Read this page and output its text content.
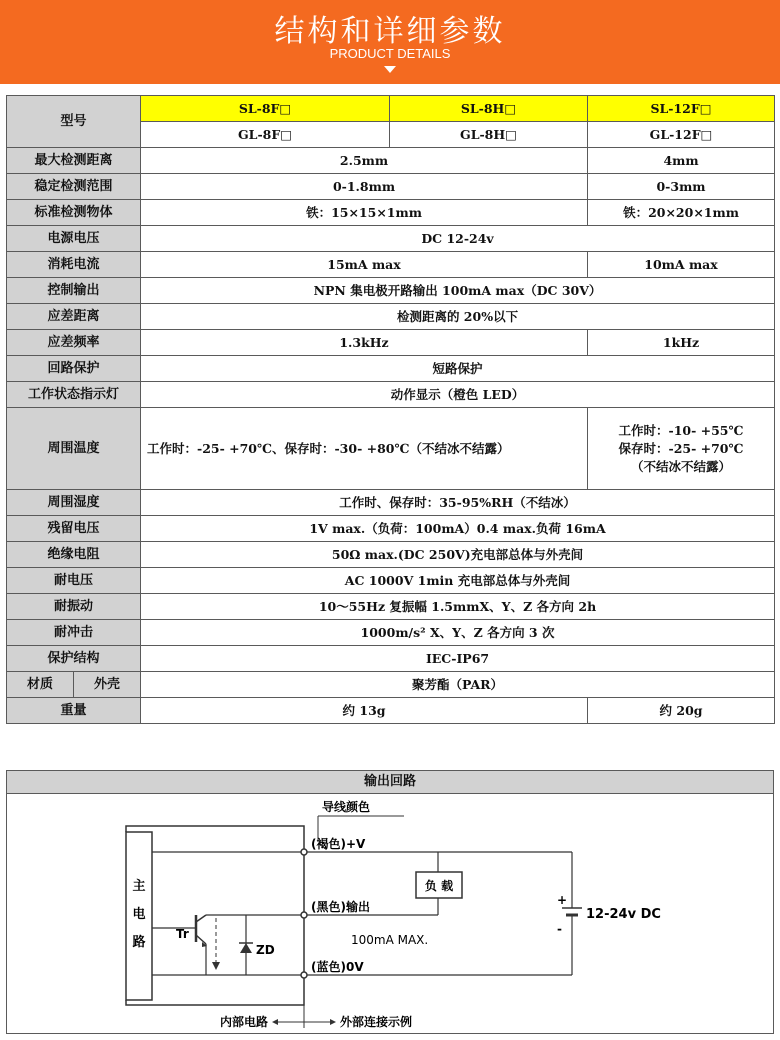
结构和详细参数
PRODUCT DETAILS
型号		SL-8F□	SL-8H□	SL-12F□
		GL-8F□	GL-8H□	GL-12F□
最大检测距离		2.5mm		4mm
稳定检测范围		0-1.8mm		0-3mm
标准检测物体		铁：15×15×1mm		铁：20×20×1mm
电源电压		DC 12-24v		
消耗电流		15mA max		10mA max
控制输出		NPN 集电极开路输出 100mA max（DC 30V）		
应差距离		检测距离的 20%以下		
应差频率		1.3kHz		1kHz
回路保护		短路保护		
工作状态指示灯		动作显示（橙色 LED）		
周围温度		工作时：-25- +70℃、保存时：-30- +80℃（不结冰不结露）		工作时：-10- +55℃
保存时：-25- +70℃
（不结冰不结露）

周围湿度		工作时、保存时：35-95%RH（不结冰）		
残留电压		1V max.（负荷：100mA）0.4 max.负荷 16mA		
绝缘电阻		50Ω max.(DC 250V)充电部总体与外壳间		
耐电压		AC 1000V 1min 充电部总体与外壳间		
耐振动		10～55Hz 复振幅 1.5mmX、Y、Z 各方向 2h		
耐冲击		1000m/s² X、Y、Z 各方向 3 次		
保护结构		IEC-IP67		
材质	外壳	聚芳酯（PAR）		
重量		约 13g		约 20g
输出回路
主
电
路
Tr
ZD
导线颜色
(褐色)+V
(黑色)输出
(蓝色)0V
100mA MAX.
负 载
+
-
12-24v DC
内部电路	外部连接示例
